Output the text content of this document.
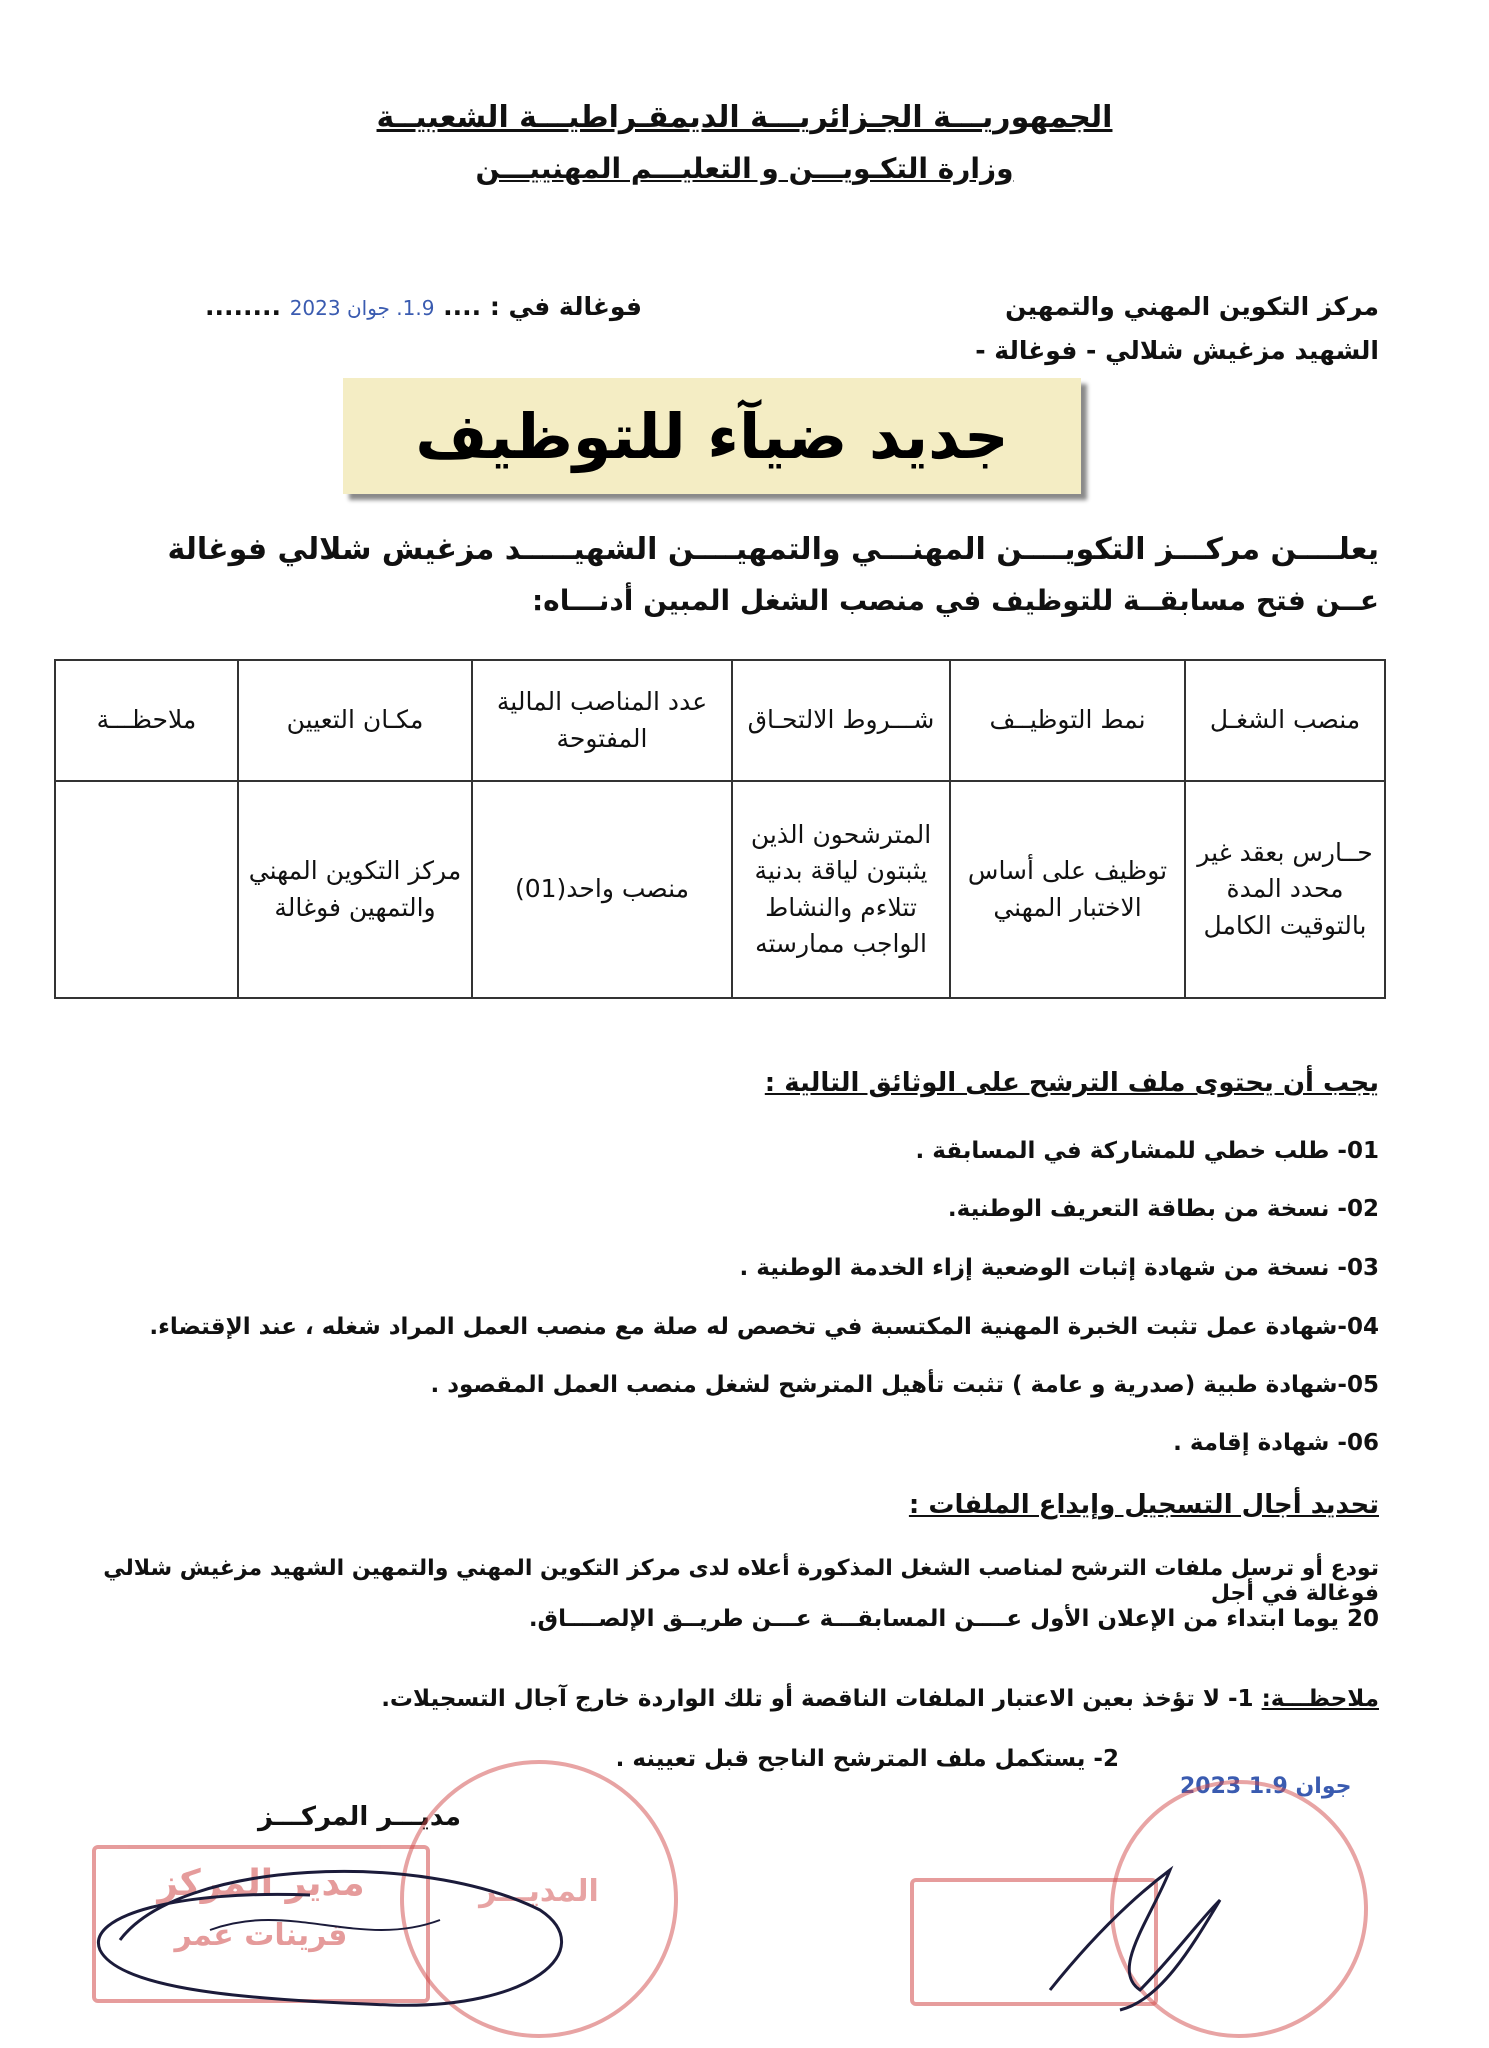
الجمهوريـــة الجـزائريـــة الديمقـراطيـــة الشعبيــة
وزارة التكـويـــن و التعليـــم المهنييـــن
مركز التكوين المهني والتمهين
الشهيد مزغيش شلالي - فوغالة -
فوغالة في : .... 1.9. جوان 2023 ........
جديد ضيآء للتوظيف
يعلــــن مركـــز التكويــــن المهنـــي والتمهيــــن الشهيـــــد مزغيش شلالي فوغالة
عــن فتح مسابقــة للتوظيف في منصب الشغل المبين أدنـــاه:
منصب الشغـل	نمط التوظيــف	شـــروط الالتحـاق	عدد المناصب المالية المفتوحة	مكـان التعيين	ملاحظـــة
حــارس بعقد غير محدد المدة بالتوقيت الكامل	توظيف على أساس الاختبار المهني	المترشحون الذين يثبتون لياقة بدنية تتلاءم والنشاط الواجب ممارسته	منصب واحد(01)	مركز التكوين المهني والتمهين فوغالة	
يجب أن يحتوى ملف الترشح على الوثائق التالية :
01- طلب خطي للمشاركة في المسابقة .
02- نسخة من بطاقة التعريف الوطنية.
03- نسخة من شهادة إثبات الوضعية إزاء الخدمة الوطنية .
04-شهادة عمل تثبت الخبرة المهنية المكتسبة في تخصص له صلة مع منصب العمل المراد شغله ، عند الإقتضاء.
05-شهادة طبية (صدرية و عامة ) تثبت تأهيل المترشح لشغل منصب العمل المقصود .
06- شهادة إقامة .
تحديد أجال التسجيل وإيداع الملفات :
تودع أو ترسل ملفات الترشح لمناصب الشغل المذكورة أعلاه لدى مركز التكوين المهني والتمهين الشهيد مزغيش شلالي فوغالة في أجل
20 يوما ابتداء من الإعلان الأول عــــن المسابقـــة عـــن طريــق الإلصــــاق.
ملاحظـــة: 1- لا تؤخذ بعين الاعتبار الملفات الناقصة أو تلك الواردة خارج آجال التسجيلات.
2- يستكمل ملف المترشح الناجح قبل تعيينه .
مديـــر المركـــز
مدير المركز
قرينات عمر
المديـــر
2023 جوان 1.9
